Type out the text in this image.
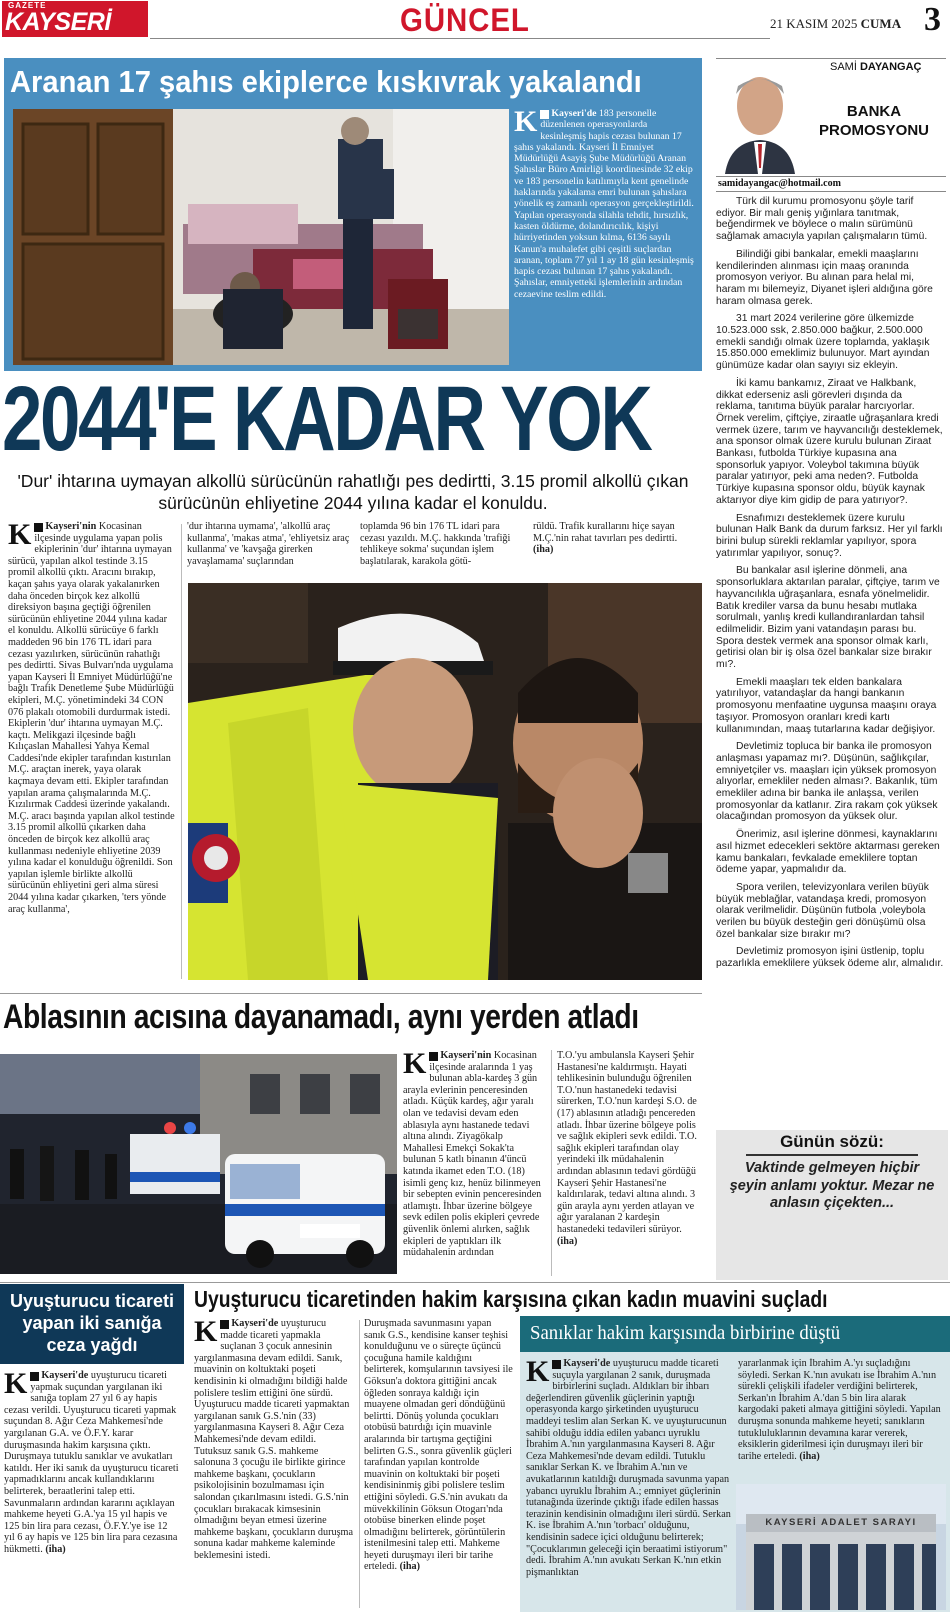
GAZETE
KAYSERİ	GÜNCEL	21 KASIM 2025 CUMA 3
Aranan 17 şahıs ekiplerce kıskıvrak yakalandı
K Kayseri'de 183 personelle düzenlenen operasyonlarda kesinleşmiş hapis cezası bulunan 17 şahıs yakalandı. Kayseri İl Emniyet Müdürlüğü Asayiş Şube Müdürlüğü Aranan Şahıslar Büro Amirliği koordinesinde 32 ekip ve 183 personelin katılımıyla kent genelinde haklarında yakalama emri bulunan şahıslara yönelik eş zamanlı operasyon gerçekleştirildi. Yapılan operasyonda silahla tehdit, hırsızlık, kasten öldürme, dolandırıcılık, kişiyi hürriyetinden yoksun kılma, 6136 sayılı Kanun'a muhalefet gibi çeşitli suçlardan aranan, toplam 77 yıl 1 ay 18 gün kesinleşmiş hapis cezası bulunan 17 şahıs yakalandı. Şahıslar, emniyetteki işlemlerinin ardından cezaevine teslim edildi.
2044'E KADAR YOK
'Dur' ihtarına uymayan alkollü sürücünün rahatlığı pes dedirtti, 3.15 promil alkollü çıkan sürücünün ehliyetine 2044 yılına kadar el konuldu.
K Kayseri'nin Kocasinan ilçesinde uygulama yapan polis ekiplerinin 'dur' ihtarına uymayan sürücü, yapılan alkol testinde 3.15 promil alkollü çıktı. Aracını bırakıp, kaçan şahıs yaya olarak yakalanırken daha önceden birçok kez alkollü direksiyon başına geçtiği öğrenilen sürücünün ehliyetine 2044 yılına kadar el konuldu. Alkollü sürücüye 6 farklı maddeden 96 bin 176 TL idari para cezası yazılırken, sürücünün rahatlığı pes dedirtti. Sivas Bulvarı'nda uygulama yapan Kayseri İl Emniyet Müdürlüğü'ne bağlı Trafik Denetleme Şube Müdürlüğü ekipleri, M.Ç. yönetimindeki 34 CON 076 plakalı otomobili durdurmak istedi. Ekiplerin 'dur' ihtarına uymayan M.Ç. kaçtı. Melikgazi ilçesinde bağlı Kılıçaslan Mahallesi Yahya Kemal Caddesi'nde ekipler tarafından kıstırılan M.Ç. araçtan inerek, yaya olarak kaçmaya devam etti. Ekipler tarafından yapılan arama çalışmalarında M.Ç. Kızılırmak Caddesi üzerinde yakalandı. M.Ç. aracı başında yapılan alkol testinde 3.15 promil alkollü çıkarken daha önceden de birçok kez alkollü araç kullanması nedeniyle ehliyetine 2039 yılına kadar el konulduğu öğrenildi. Son yapılan işlemle birlikte alkollü sürücünün ehliyetini geri alma süresi 2044 yılına kadar çıkarken, 'ters yönde araç kullanma',
'dur ihtarına uymama', 'alkollü araç kullanma', 'makas atma', 'ehliyetsiz araç kullanma' ve 'kavşağa girerken yavaşlamama' suçlarından
toplamda 96 bin 176 TL idari para cezası yazıldı. M.Ç. hakkında 'trafiği tehlikeye sokma' suçundan işlem başlatılarak, karakola götü-
rüldü. Trafik kurallarını hiçe sayan M.Ç.'nin rahat tavırları pes dedirtti. (iha)
Ablasının acısına dayanamadı, aynı yerden atladı
K Kayseri'nin Kocasinan ilçesinde aralarında 1 yaş bulunan abla-kardeş 3 gün arayla evlerinin penceresinden atladı. Küçük kardeş, ağır yaralı olan ve tedavisi devam eden ablasıyla aynı hastanede tedavi altına alındı. Ziyagökalp Mahallesi Emekçi Sokak'ta bulunan 5 katlı binanın 4'üncü katında ikamet eden T.O. (18) isimli genç kız, henüz bilinmeyen bir sebepten evinin penceresinden atlamıştı. İhbar üzerine bölgeye sevk edilen polis ekipleri çevrede güvenlik önlemi alırken, sağlık ekipleri de yaptıkları ilk müdahalenin ardından
T.O.'yu ambulansla Kayseri Şehir Hastanesi'ne kaldırmıştı. Hayati tehlikesinin bulunduğu öğrenilen T.O.'nun hastanedeki tedavisi sürerken, T.O.'nun kardeşi S.O. de (17) ablasının atladığı pencereden atladı. İhbar üzerine bölgeye polis ve sağlık ekipleri sevk edildi. T.O. sağlık ekipleri tarafından olay yerindeki ilk müdahalenin ardından ablasının tedavi gördüğü Kayseri Şehir Hastanesi'ne kaldırılarak, tedavi altına alındı. 3 gün arayla aynı yerden atlayan ve ağır yaralanan 2 kardeşin hastanedeki tedavileri sürüyor. (iha)
SAMİ DAYANGAÇ
BANKA
PROMOSYONU
samidayangac@hotmail.com

Türk dil kurumu promosyonu şöyle tarif ediyor. Bir malı geniş yığınlara tanıtmak, beğendirmek ve böylece o malın sürümünü sağlamak amacıyla yapılan çalışmaların tümü.

Bilindiği gibi bankalar, emekli maaşlarını kendilerinden alınması için maaş oranında promosyon veriyor. Bu alınan para helal mi, haram mı bilemeyiz, Diyanet işleri aldığına göre haram olmasa gerek.

31 mart 2024 verilerine göre ülkemizde 10.523.000 ssk, 2.850.000 bağkur, 2.500.000 emekli sandığı olmak üzere toplamda, yaklaşık 15.850.000 emeklimiz bulunuyor. Mart ayından günümüze kadar olan sayıyı siz ekleyin.

İki kamu bankamız, Ziraat ve Halkbank, dikkat ederseniz asli görevleri dışında da reklama, tanıtıma büyük paralar harcıyorlar. Örnek verelim, çiftçiye, ziraatle uğraşanlara kredi vermek üzere, tarım ve hayvancılığı desteklemek, ana sponsor olmak üzere kurulu bulunan Ziraat Bankası, futbolda Türkiye kupasına ana sponsorluk yapıyor. Voleybol takımına büyük paralar yatırıyor, peki ama neden?. Futbolda Türkiye kupasına sponsor oldu, büyük kaynak aktarıyor diye kim gidip de para yatırıyor?.

Esnafımızı desteklemek üzere kurulu bulunan Halk Bank da durum farksız. Her yıl farklı birini bulup sürekli reklamlar yapılıyor, spora yatırımlar yapılıyor, sonuç?.

Bu bankalar asıl işlerine dönmeli, ana sponsorluklara aktarılan paralar, çiftçiye, tarım ve hayvancılıkla uğraşanlara, esnafa yönelmelidir. Batık krediler varsa da bunu hesabı mutlaka sorulmalı, yanlış kredi kullandıranlardan tahsil edilmelidir. Bizim yani vatandaşın parası bu. Spora destek vermek ana sponsor olmak karlı, getirisi olan bir iş olsa özel bankalar size bırakır mı?.

Emekli maaşları tek elden bankalara yatırılıyor, vatandaşlar da hangi bankanın promosyonu menfaatine uygunsa maaşını oraya taşıyor. Promosyon oranları kredi kartı kullanımından, maaş tutarlarına kadar değişiyor.

Devletimiz topluca bir banka ile promosyon anlaşması yapamaz mı?. Düşünün, sağlıkçılar, emniyetçiler vs. maaşları için yüksek promosyon alıyorlar, emekliler neden alması?. Bakanlık, tüm emekliler adına bir banka ile anlaşsa, verilen promosyonlar da katlanır. Zira rakam çok yüksek olacağından promosyon da yüksek olur.

Önerimiz, asıl işlerine dönmesi, kaynaklarını asıl hizmet edecekleri sektöre aktarması gereken kamu bankaları, fevkalade emeklilere toptan ödeme yapar, yapmalıdır da.

Spora verilen, televizyonlara verilen büyük büyük meblağlar, vatandaşa kredi, promosyon olarak verilmelidir. Düşünün futbola ,voleybola verilen bu büyük desteğin geri dönüşümü olsa özel bankalar size bırakır mı?

Devletimiz promosyon işini üstlenip, toplu pazarlıkla emeklilere yüksek ödeme alır, almalıdır.

Günün sözü:
Vaktinde gelmeyen hiçbir şeyin anlamı yoktur. Mezar ne anlasın çiçekten...
Uyuşturucu ticareti yapan iki sanığa ceza yağdı
K Kayseri'de uyuşturucu ticareti yapmak suçundan yargılanan iki sanığa toplam 27 yıl 6 ay hapis cezası verildi. Uyuşturucu ticareti yapmak suçundan 8. Ağır Ceza Mahkemesi'nde yargılanan G.A. ve Ö.F.Y. karar duruşmasında hakim karşısına çıktı. Duruşmaya tutuklu sanıklar ve avukatları katıldı. Her iki sanık da uyuşturucu ticareti yapmadıklarını ancak kullandıklarını belirterek, beraatlerini talep etti. Savunmaların ardından kararını açıklayan mahkeme heyeti G.A.'ya 15 yıl hapis ve 125 bin lira para cezası, Ö.F.Y.'ye ise 12 yıl 6 ay hapis ve 125 bin lira para cezasına hükmetti. (iha)
Uyuşturucu ticaretinden hakim karşısına çıkan kadın muavini suçladı
K Kayseri'de uyuşturucu madde ticareti yapmakla suçlanan 3 çocuk annesinin yargılanmasına devam edildi. Sanık, muavinin on koltuktaki poşeti kendisinin ki olmadığını bildiği halde polislere teslim ettiğini öne sürdü. Uyuşturucu madde ticareti yapmaktan yargılanan sanık G.S.'nin (33) yargılanmasına Kayseri 8. Ağır Ceza Mahkemesi'nde devam edildi. Tutuksuz sanık G.S. mahkeme salonuna 3 çocuğu ile birlikte girince mahkeme başkanı, çocukların psikolojisinin bozulmaması için salondan çıkarılmasını istedi. G.S.'nin çocukları bırakacak kimsesinin olmadığını beyan etmesi üzerine mahkeme başkanı, çocukların duruşma sonuna kadar mahkeme kaleminde beklemesini istedi.
Duruşmada savunmasını yapan sanık G.S., kendisine kanser teşhisi konulduğunu ve o süreçte üçüncü çocuğuna hamile kaldığını belirterek, komşularının tavsiyesi ile Göksun'a doktora gittiğini ancak öğleden sonraya kaldığı için muayene olmadan geri döndüğünü belirtti. Dönüş yolunda çocukları otobüsü batırdığı için muavinle aralarında bir tartışma geçtiğini belirten G.S., sonra güvenlik güçleri tarafından yapılan kontrolde muavinin on koltuktaki bir poşeti kendisininmiş gibi polislere teslim ettiğini söyledi. G.S.'nin avukatı da müvekkilinin Göksun Otogarı'nda otobüse binerken elinde poşet olmadığını belirterek, görüntülerin istenilmesini talep etti. Mahkeme heyeti duruşmayı ileri bir tarihe erteledi. (iha)
Sanıklar hakim karşısında birbirine düştü
K Kayseri'de uyuşturucu madde ticareti suçuyla yargılanan 2 sanık, duruşmada birbirlerini suçladı. Aldıkları bir ihbarı değerlendiren güvenlik güçlerinin yaptığı operasyonda kargo şirketinden uyuşturucu maddeyi teslim alan Serkan K. ve uyuşturucunun sahibi olduğu iddia edilen yabancı uyruklu İbrahim A.'nın yargılanmasına Kayseri 8. Ağır Ceza Mahkemesi'nde devam edildi. Tutuklu sanıklar Serkan K. ve İbrahim A.'nın ve avukatlarının katıldığı duruşmada savunma yapan yabancı uyruklu İbrahim A.; emniyet güçlerinin tutanağında üzerinde çıktığı ifade edilen hassas terazinin kendisinin olmadığını ileri sürdü. Serkan K. ise İbrahim A.'nın 'torbacı' olduğunu, kendisinin sadece içici olduğunu belirterek; "Çocuklarımın geleceği için beraatimi istiyorum" dedi. İbrahim A.'nın avukatı Serkan K.'nın etkin pişmanlıktan
yararlanmak için İbrahim A.'yı suçladığını söyledi. Serkan K.'nın avukatı ise İbrahim A.'nın sürekli çelişkili ifadeler verdiğini belirterek, Serkan'ın İbrahim A.'dan 5 bin lira alarak kargodaki paketi almaya gittiğini söyledi. Yapılan duruşma sonunda mahkeme heyeti; sanıkların tutukluluklarının devamına karar vererek, eksiklerin giderilmesi için duruşmayı ileri bir tarihe erteledi. (iha)
KAYSERİ ADALET SARAYI
